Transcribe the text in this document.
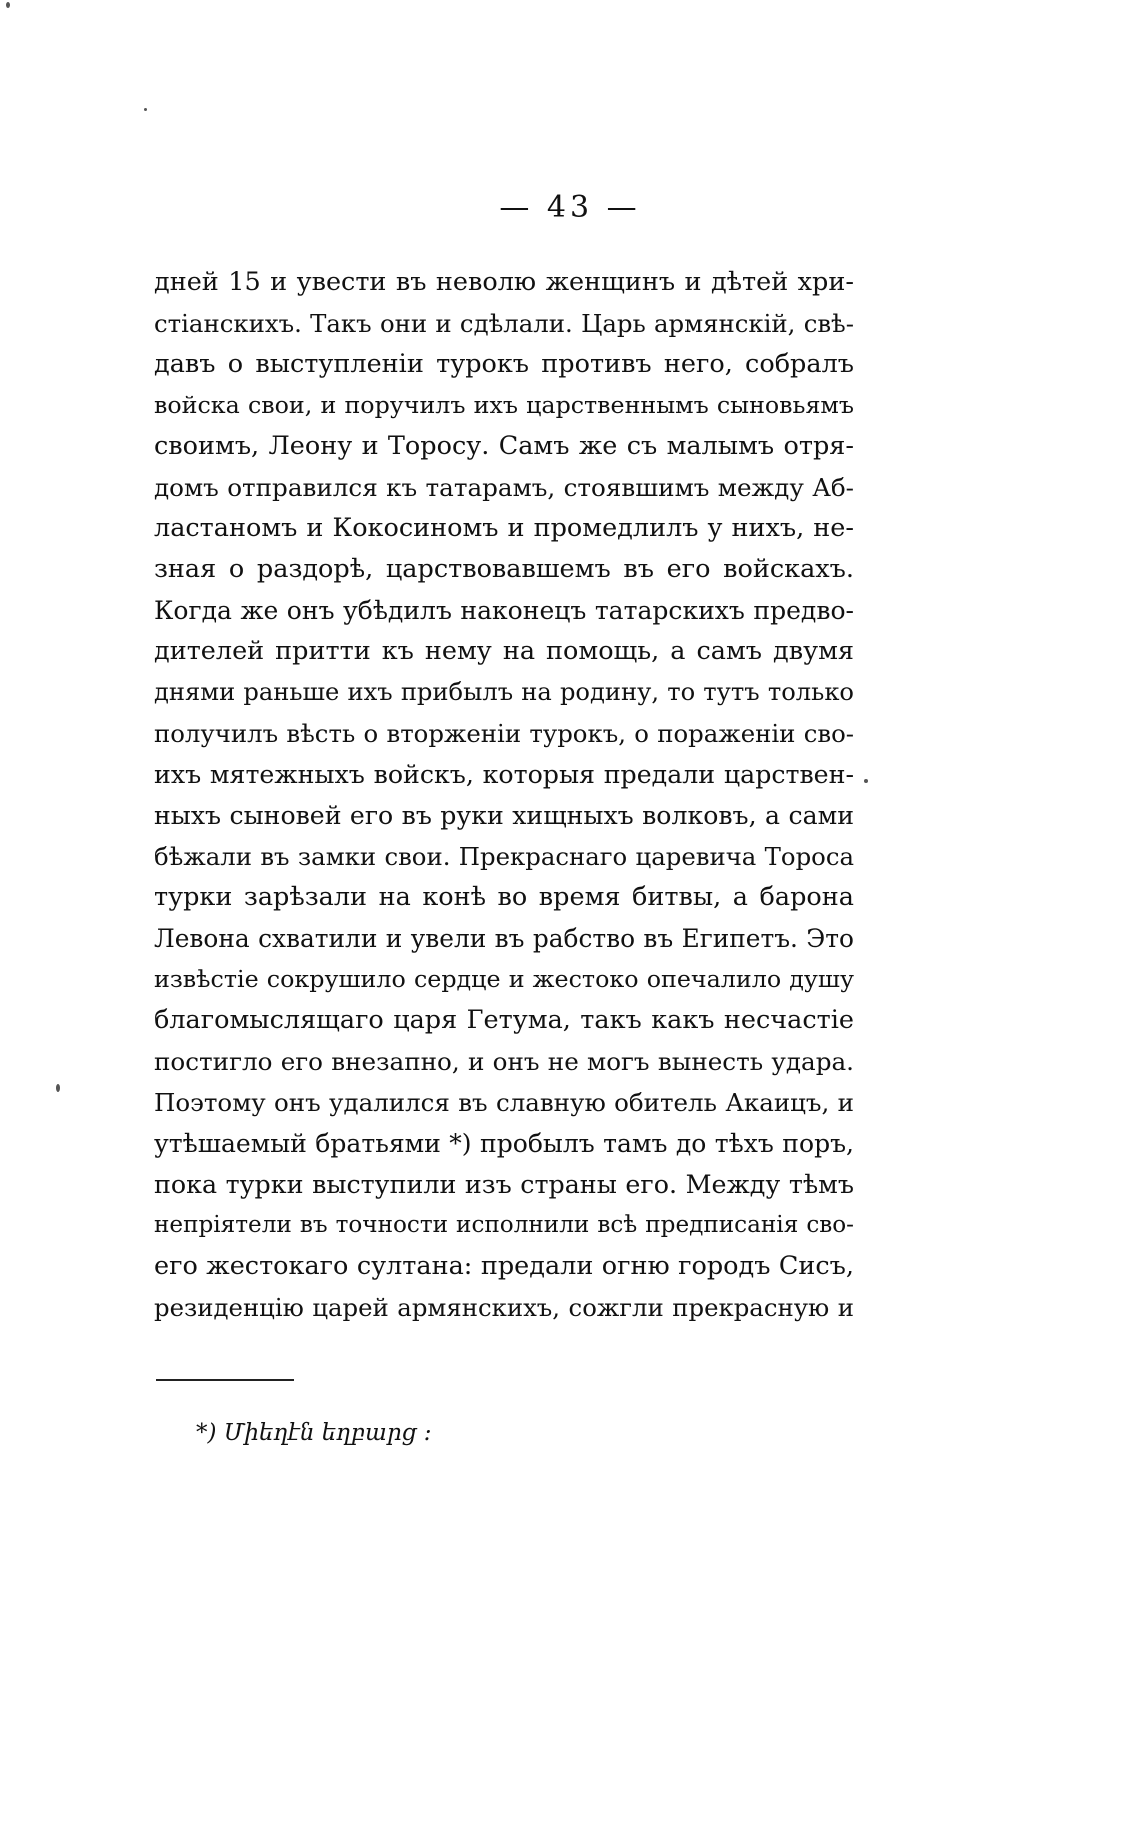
— 43 —
дней 15 и увести въ неволю женщинъ и дѣтей хри-
стіанскихъ. Такъ они и сдѣлали. Царь армянскій, свѣ-
давъ о выступленіи турокъ противъ него, собралъ
войска свои, и поручилъ ихъ царственнымъ сыновьямъ
своимъ, Леону и Торосу. Самъ же съ малымъ отря-
домъ отправился къ татарамъ, стоявшимъ между Аб-
ластаномъ и Кокосиномъ и промедлилъ у нихъ, не-
зная о раздорѣ, царствовавшемъ въ его войскахъ.
Когда же онъ убѣдилъ наконецъ татарскихъ предво-
дителей притти къ нему на помощь, а самъ двумя
днями раньше ихъ прибылъ на родину, то тутъ только
получилъ вѣсть о вторженіи турокъ, о пораженіи сво-
ихъ мятежныхъ войскъ, которыя предали царствен-
ныхъ сыновей его въ руки хищныхъ волковъ, а сами
бѣжали въ замки свои. Прекраснаго царевича Тороса
турки зарѣзали на конѣ во время битвы, а барона
Левона схватили и увели въ рабство въ Египетъ. Это
извѣстіе сокрушило сердце и жестоко опечалило душу
благомыслящаго царя Гетума, такъ какъ несчастіе
постигло его внезапно, и онъ не могъ вынесть удара.
Поэтому онъ удалился въ славную обитель Акаицъ, и
утѣшаемый братьями *) пробылъ тамъ до тѣхъ поръ,
пока турки выступили изъ страны его. Между тѣмъ
непріятели въ точности исполнили всѣ предписанія сво-
его жестокаго султана: предали огню городъ Сисъ,
резиденцію царей армянскихъ, сожгли прекрасную и
*) Միեղէն եղբարց ։
